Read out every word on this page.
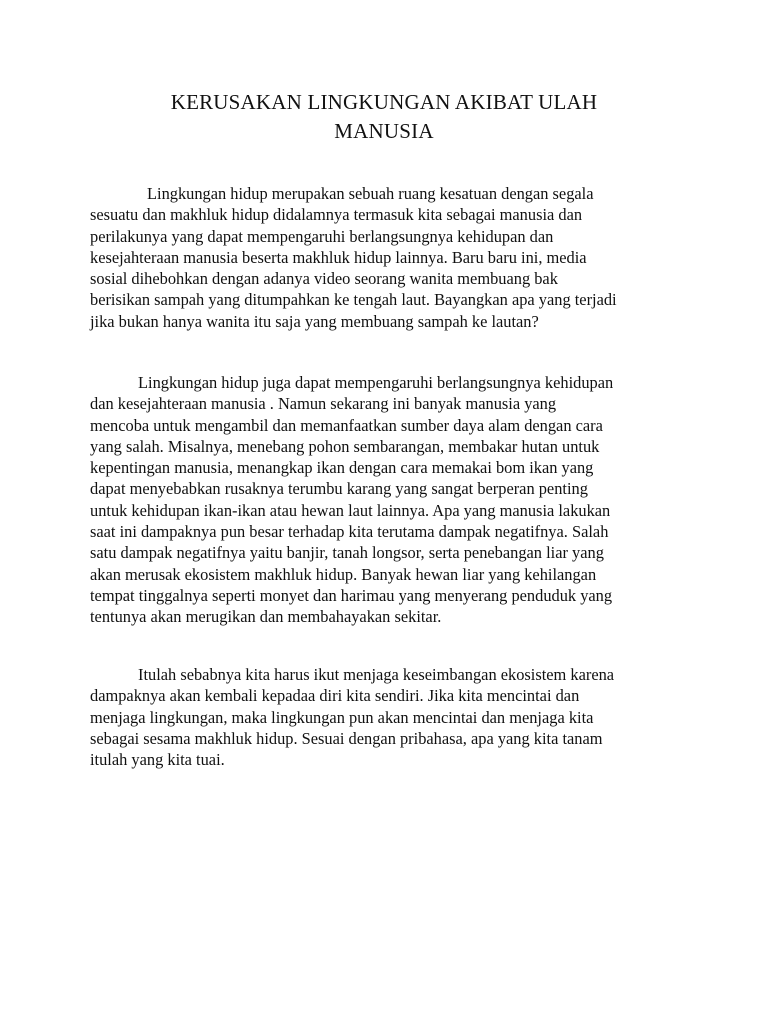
KERUSAKAN LINGKUNGAN AKIBAT ULAH
MANUSIA

Lingkungan hidup merupakan sebuah ruang kesatuan dengan segala
sesuatu dan makhluk hidup didalamnya termasuk kita sebagai manusia dan
perilakunya yang dapat mempengaruhi berlangsungnya kehidupan dan
kesejahteraan manusia beserta makhluk hidup lainnya. Baru baru ini, media
sosial dihebohkan dengan adanya video seorang wanita membuang bak
berisikan sampah yang ditumpahkan ke tengah laut. Bayangkan apa yang terjadi
jika bukan hanya wanita itu saja yang membuang sampah ke lautan?

Lingkungan hidup juga dapat mempengaruhi berlangsungnya kehidupan
dan kesejahteraan manusia . Namun sekarang ini banyak manusia yang
mencoba untuk mengambil dan memanfaatkan sumber daya alam dengan cara
yang salah. Misalnya, menebang pohon sembarangan, membakar hutan untuk
kepentingan manusia, menangkap ikan dengan cara memakai bom ikan yang
dapat menyebabkan rusaknya terumbu karang yang sangat berperan penting
untuk kehidupan ikan-ikan atau hewan laut lainnya. Apa yang manusia lakukan
saat ini dampaknya pun besar terhadap kita terutama dampak negatifnya. Salah
satu dampak negatifnya yaitu banjir, tanah longsor, serta penebangan liar yang
akan merusak ekosistem makhluk hidup. Banyak hewan liar yang kehilangan
tempat tinggalnya seperti monyet dan harimau yang menyerang penduduk yang
tentunya akan merugikan dan membahayakan sekitar.

Itulah sebabnya kita harus ikut menjaga keseimbangan ekosistem karena
dampaknya akan kembali kepadaa diri kita sendiri. Jika kita mencintai dan
menjaga lingkungan, maka lingkungan pun akan mencintai dan menjaga kita
sebagai sesama makhluk hidup. Sesuai dengan pribahasa, apa yang kita tanam
itulah yang kita tuai.
